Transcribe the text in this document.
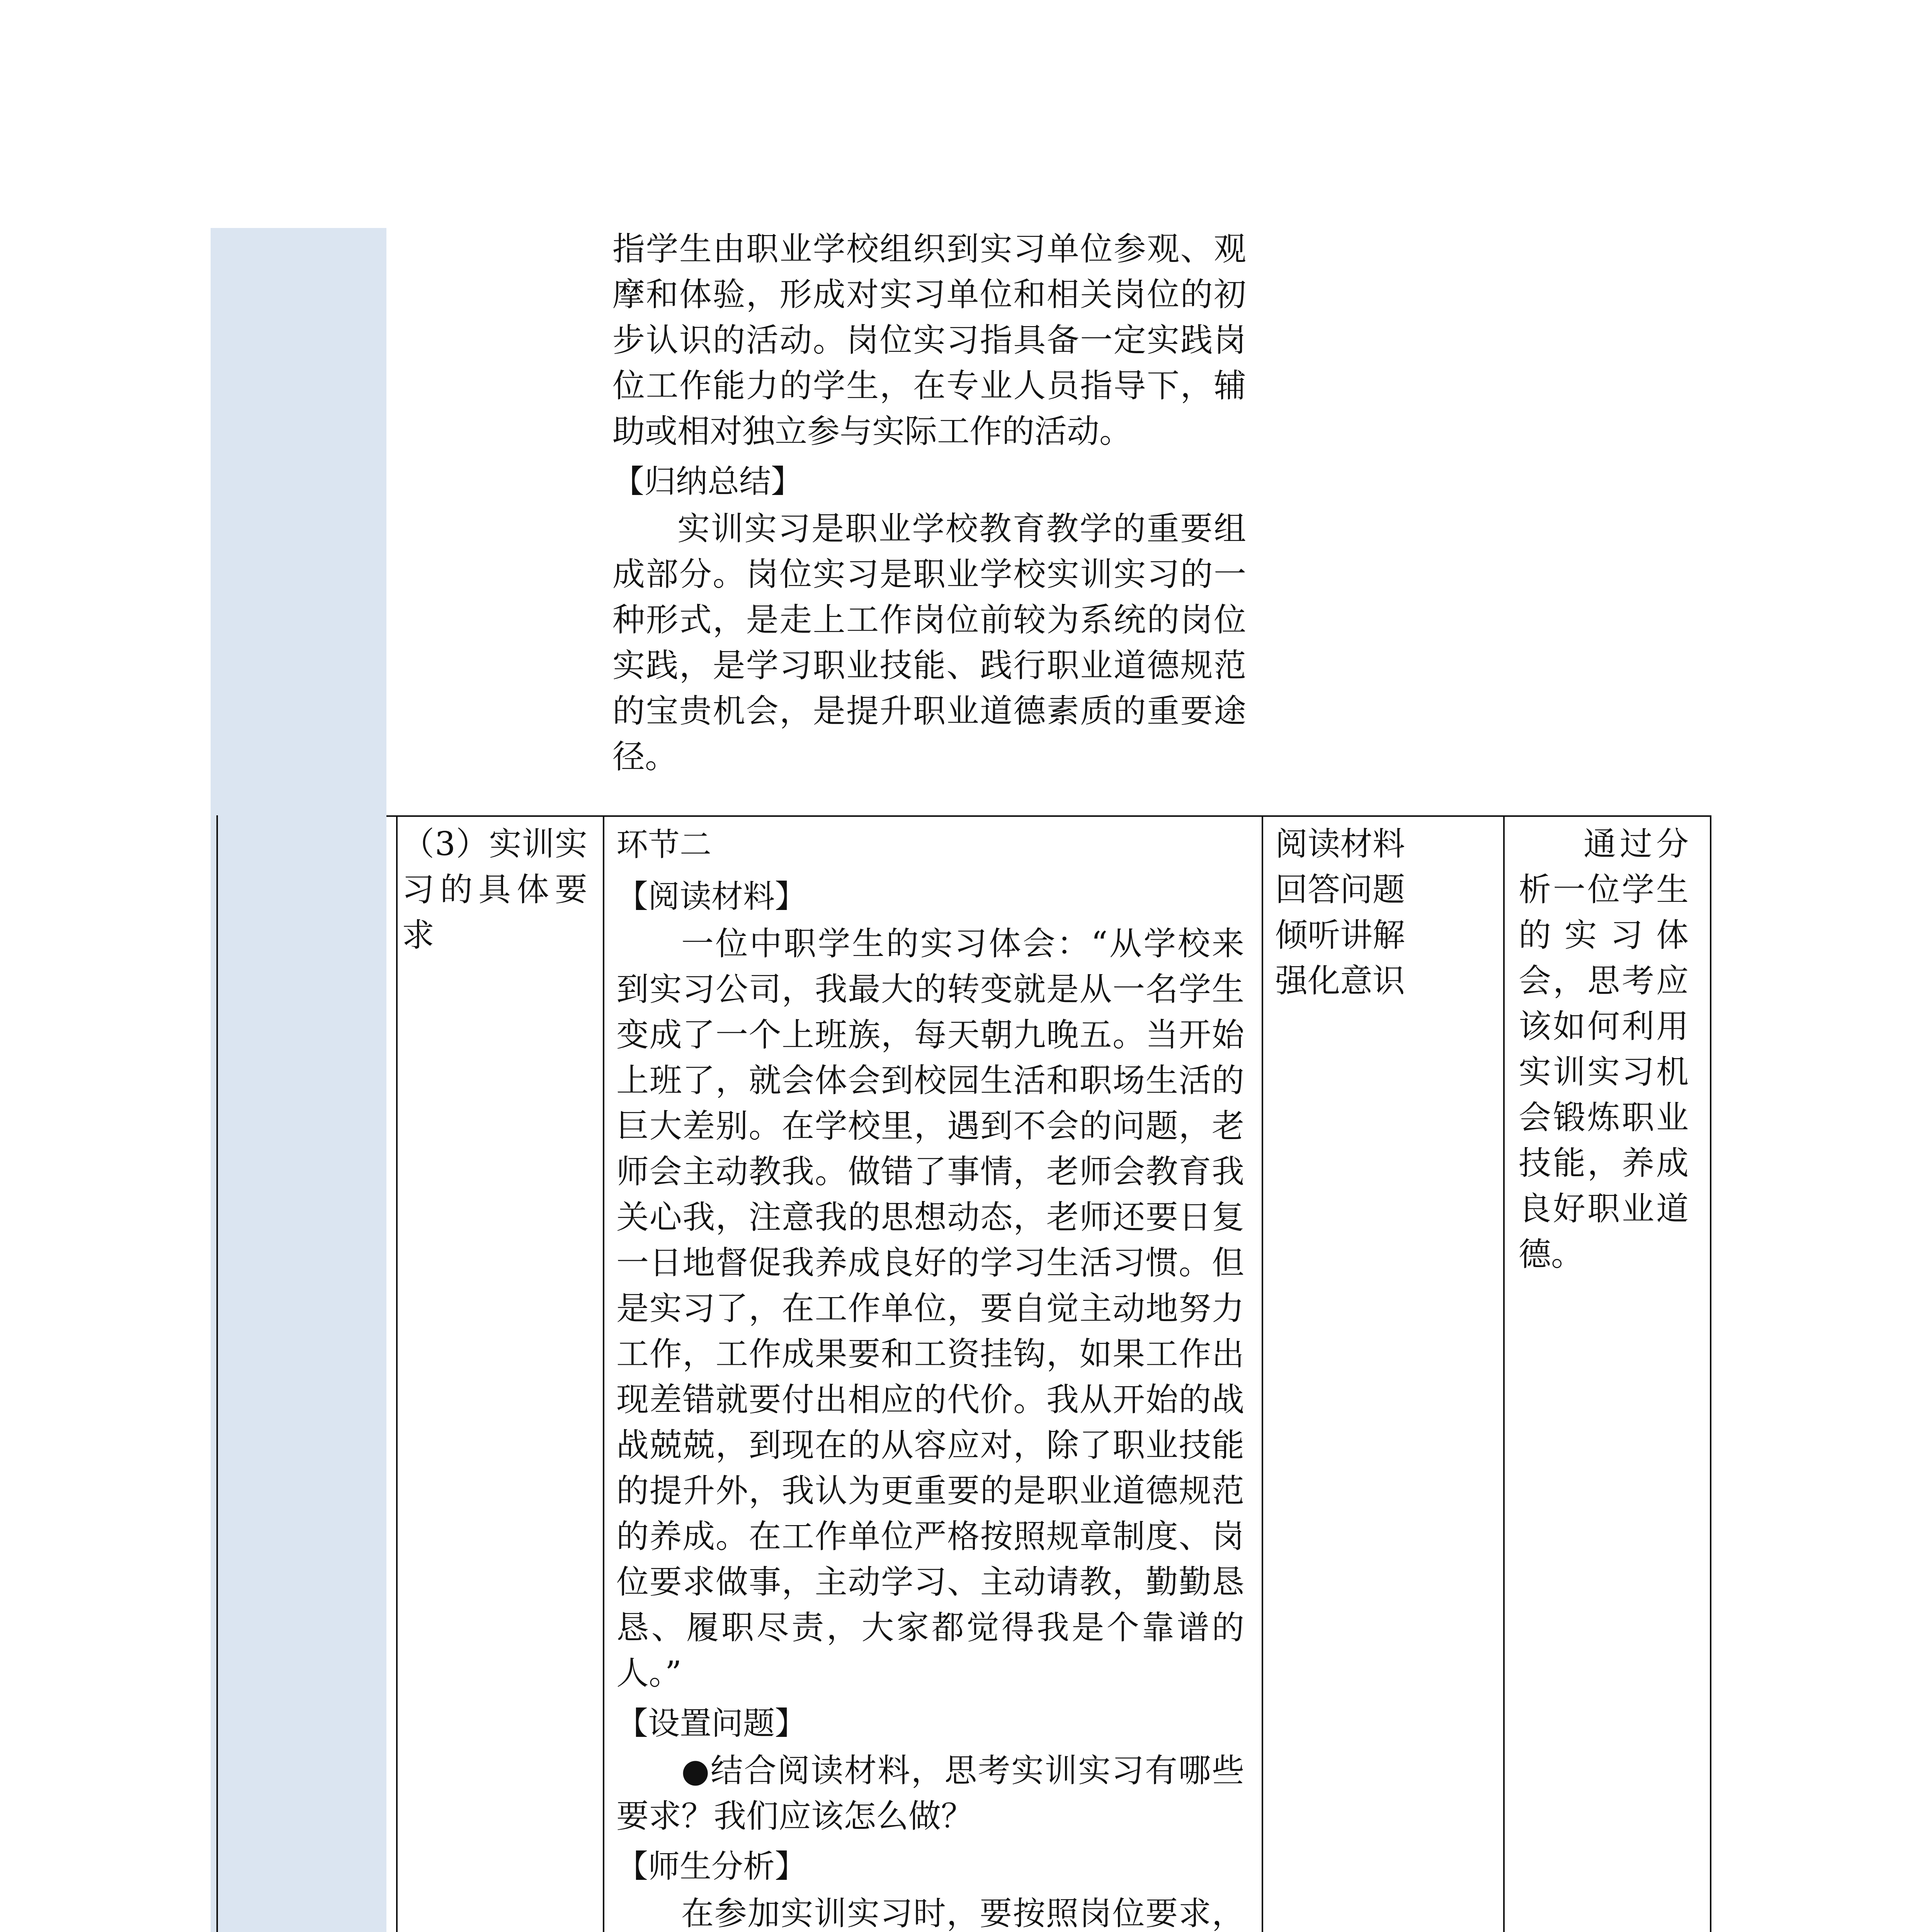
指学生由职业学校组织到实习单位参观、观摩和体验，形成对实习单位和相关岗位的初步认识的活动。岗位实习指具备一定实践岗位工作能力的学生，在专业人员指导下，辅助或相对独立参与实际工作的活动。

【归纳总结】

实训实习是职业学校教育教学的重要组成部分。岗位实习是职业学校实训实习的一种形式，是走上工作岗位前较为系统的岗位实践，是学习职业技能、践行职业道德规范的宝贵机会，是提升职业道德素质的重要途径。

（3）实训实习的具体要求

环节二

【阅读材料】

一位中职学生的实习体会：“从学校来到实习公司，我最大的转变就是从一名学生变成了一个上班族，每天朝九晚五。当开始上班了，就会体会到校园生活和职场生活的巨大差别。在学校里，遇到不会的问题，老师会主动教我。做错了事情，老师会教育我关心我，注意我的思想动态，老师还要日复一日地督促我养成良好的学习生活习惯。但是实习了，在工作单位，要自觉主动地努力工作，工作成果要和工资挂钩，如果工作出现差错就要付出相应的代价。我从开始的战战兢兢，到现在的从容应对，除了职业技能的提升外，我认为更重要的是职业道德规范的养成。在工作单位严格按照规章制度、岗位要求做事，主动学习、主动请教，勤勤恳恳、履职尽责，大家都觉得我是个靠谱的人。”

【设置问题】

●结合阅读材料，思考实训实习有哪些要求？我们应该怎么做？

【师生分析】

在参加实训实习时，要按照岗位要求，

阅读材料
回答问题
倾听讲解
强化意识

通过分析一位学生的实习体会，思考应该如何利用实训实习机会锻炼职业技能，养成良好职业道德。
